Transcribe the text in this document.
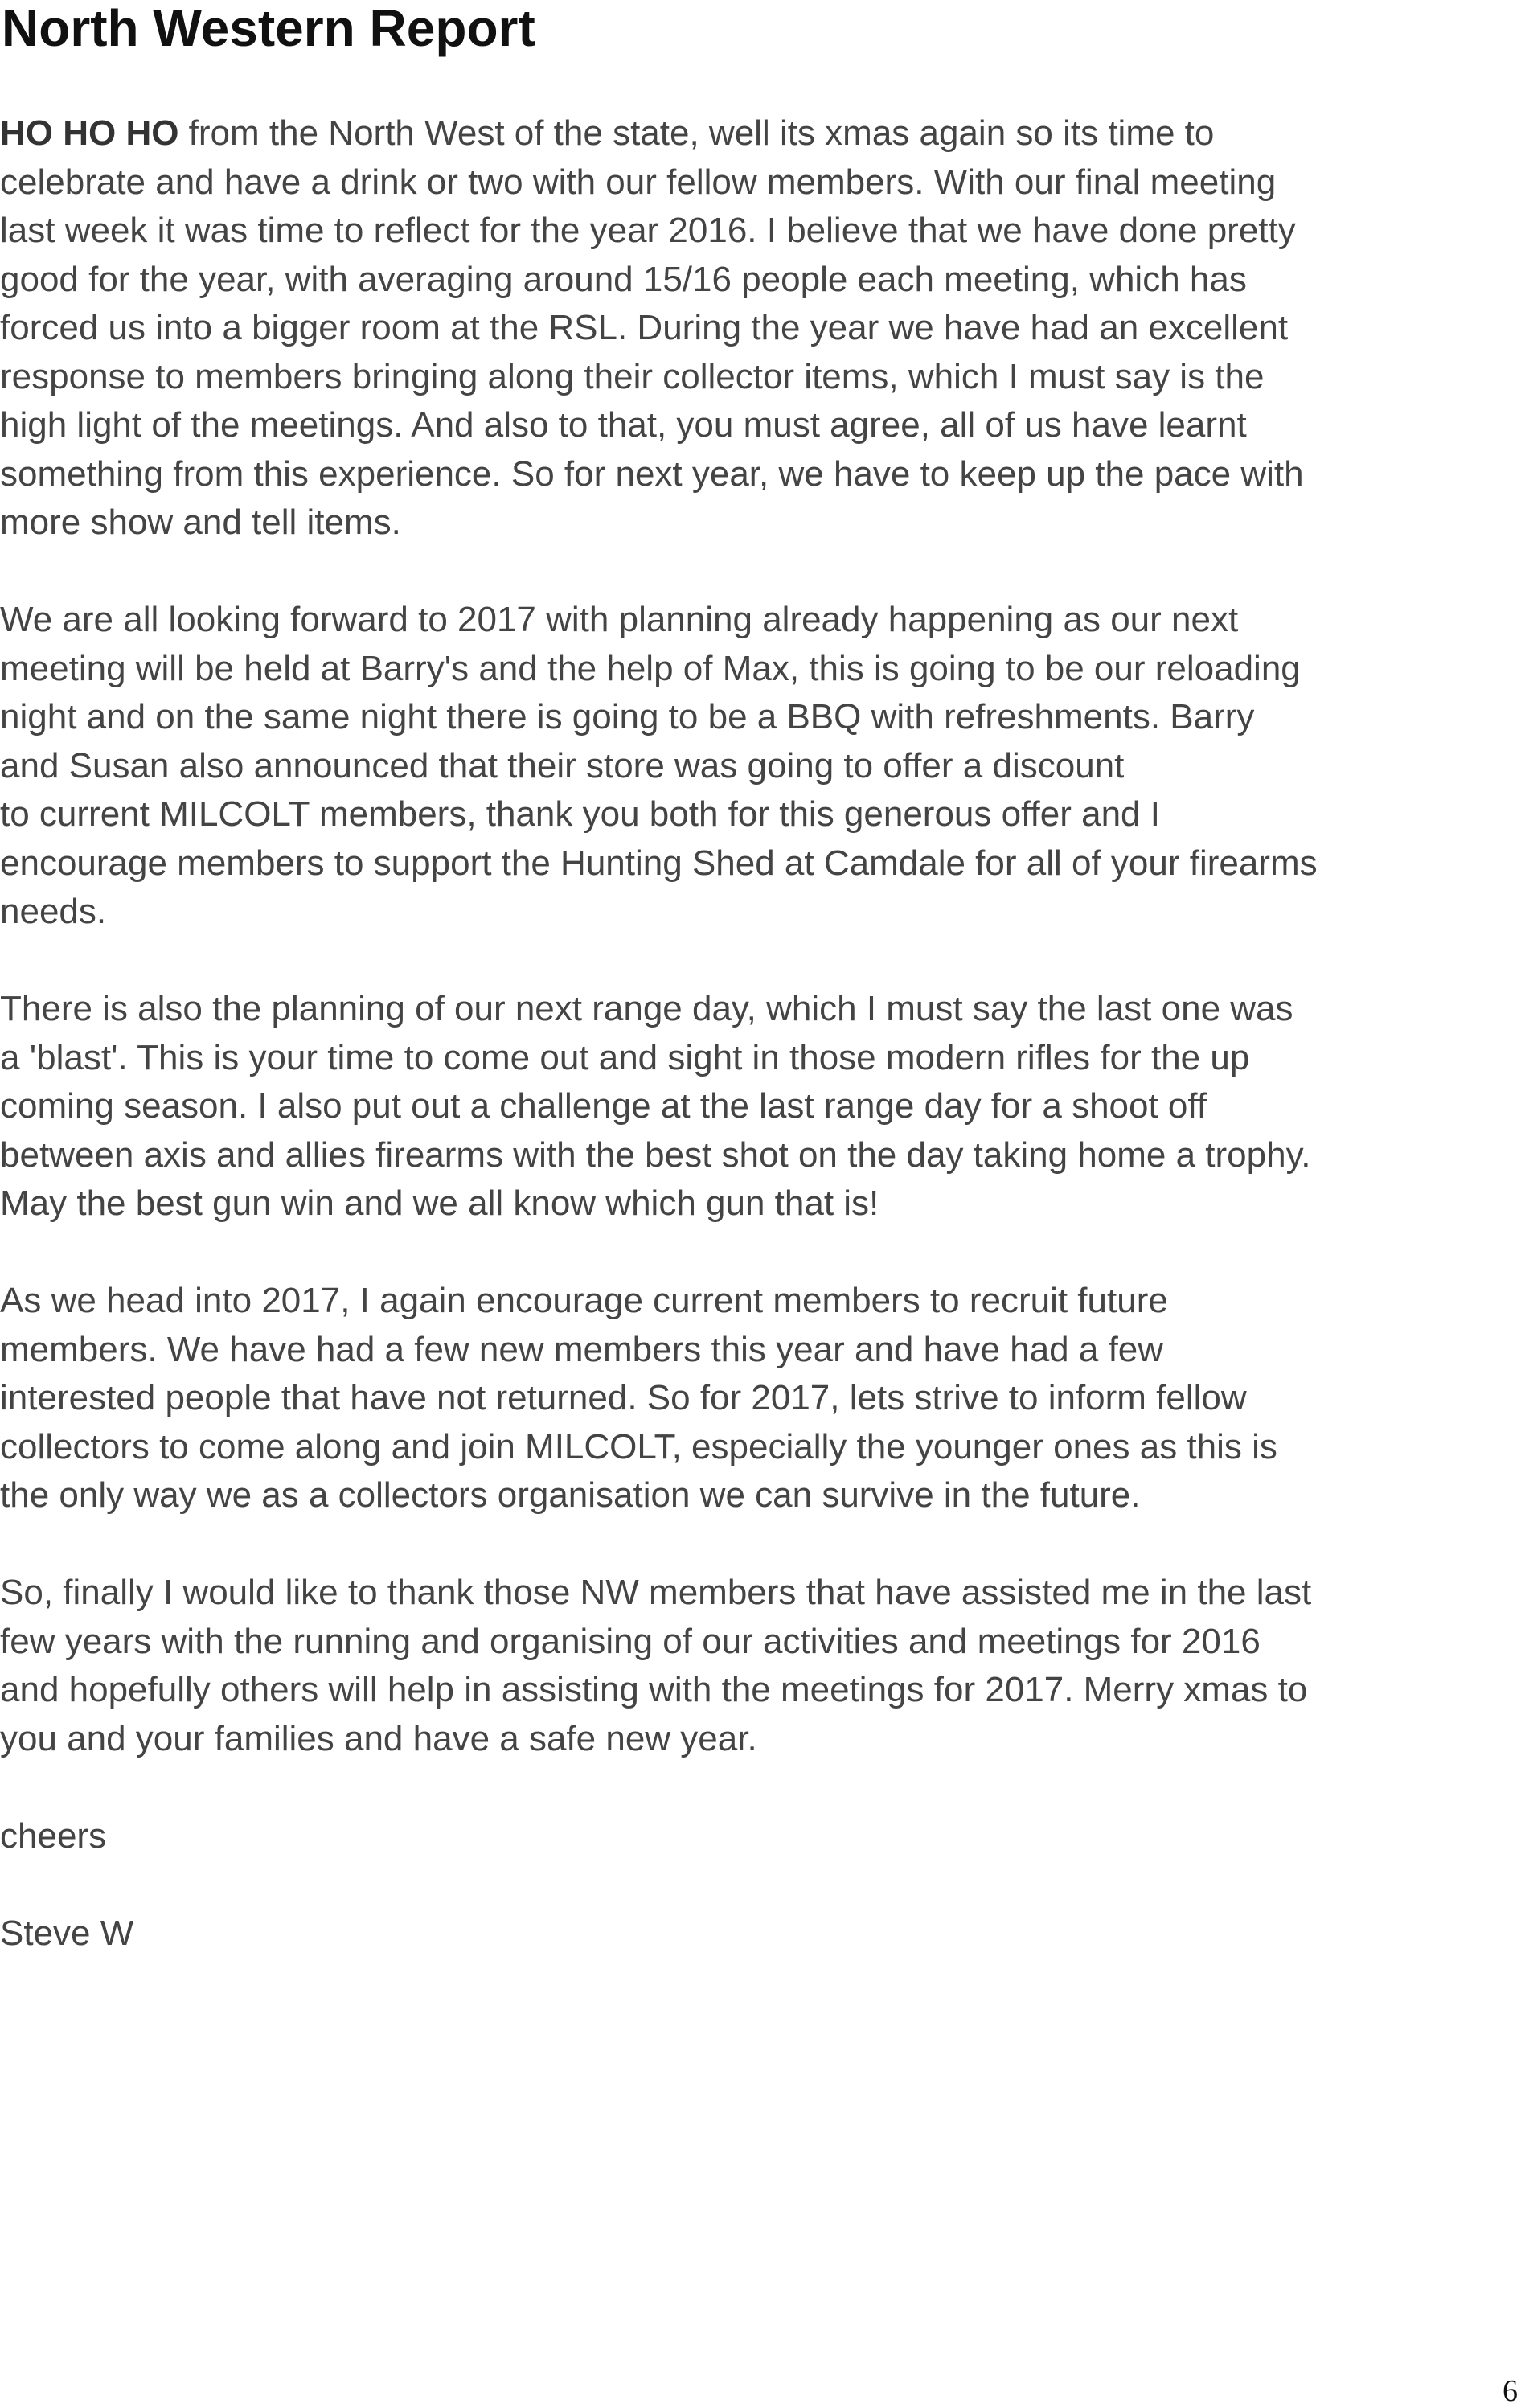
North Western Report

HO HO HO from the North West of the state, well its xmas again so its time to
celebrate and have a drink or two with our fellow members. With our final meeting
last week it was time to reflect for the year 2016. I believe that we have done pretty
good for the year, with averaging around 15/16 people each meeting, which has
forced us into a bigger room at the RSL. During the year we have had an excellent
response to members bringing along their collector items, which I must say is the
high light of the meetings. And also to that, you must agree, all of us have learnt
something from this experience. So for next year, we have to keep up the pace with
more show and tell items.

We are all looking forward to 2017 with planning already happening as our next
meeting will be held at Barry's and the help of Max, this is going to be our reloading
night and on the same night there is going to be a BBQ with refreshments. Barry
and Susan also announced that their store was going to offer a discount
to current MILCOLT members, thank you both for this generous offer and I
encourage members to support the Hunting Shed at Camdale for all of your firearms
needs.

There is also the planning of our next range day, which I must say the last one was
a 'blast'. This is your time to come out and sight in those modern rifles for the up
coming season. I also put out a challenge at the last range day for a shoot off
between axis and allies firearms with the best shot on the day taking home a trophy.
May the best gun win and we all know which gun that is!

As we head into 2017, I again encourage current members to recruit future
members. We have had a few new members this year and have had a few
interested people that have not returned. So for 2017, lets strive to inform fellow
collectors to come along and join MILCOLT, especially the younger ones as this is
the only way we as a collectors organisation we can survive in the future.

So, finally I would like to thank those NW members that have assisted me in the last
few years with the running and organising of our activities and meetings for 2016
and hopefully others will help in assisting with the meetings for 2017. Merry xmas to
you and your families and have a safe new year.

cheers

Steve W

6
